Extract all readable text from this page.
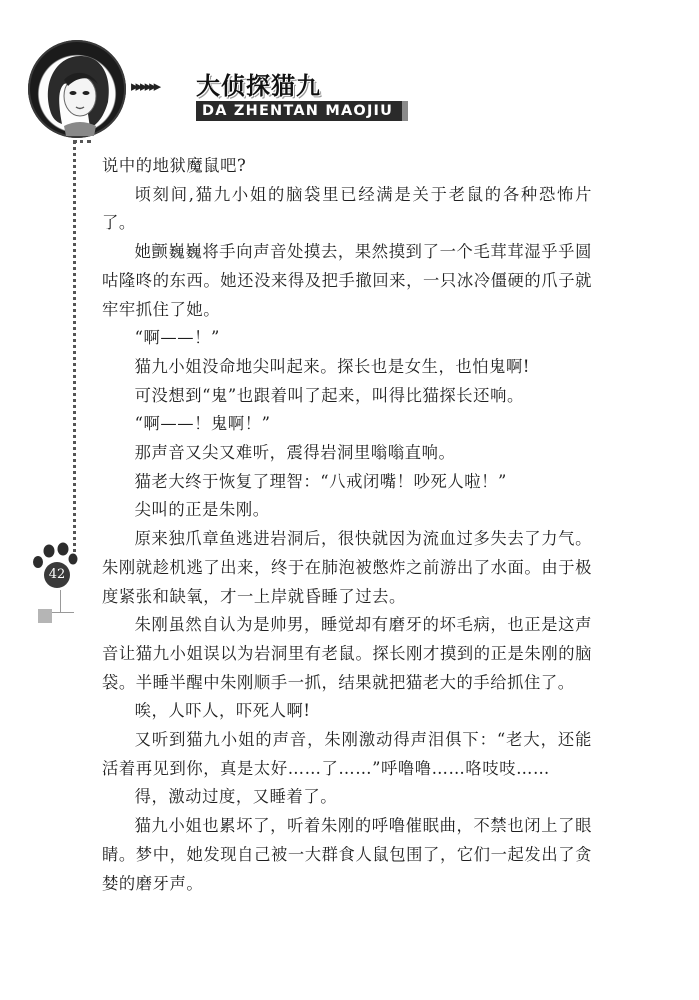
▸▸▸▸▸▸ 大侦探猫九
DA ZHENTAN MAOJIU
42

说中的地狱魔鼠吧?

顷刻间,猫九小姐的脑袋里已经满是关于老鼠的各种恐怖片了。

她颤巍巍将手向声音处摸去，果然摸到了一个毛茸茸湿乎乎圆咕隆咚的东西。她还没来得及把手撤回来，一只冰冷僵硬的爪子就牢牢抓住了她。

“啊——！”

猫九小姐没命地尖叫起来。探长也是女生，也怕鬼啊!

可没想到“鬼”也跟着叫了起来，叫得比猫探长还响。

“啊——！鬼啊！”

那声音又尖又难听，震得岩洞里嗡嗡直响。

猫老大终于恢复了理智：“八戒闭嘴！吵死人啦！”

尖叫的正是朱刚。

原来独爪章鱼逃进岩洞后，很快就因为流血过多失去了力气。朱刚就趁机逃了出来，终于在肺泡被憋炸之前游出了水面。由于极度紧张和缺氧，才一上岸就昏睡了过去。

朱刚虽然自认为是帅男，睡觉却有磨牙的坏毛病，也正是这声音让猫九小姐误以为岩洞里有老鼠。探长刚才摸到的正是朱刚的脑袋。半睡半醒中朱刚顺手一抓，结果就把猫老大的手给抓住了。

唉，人吓人，吓死人啊!

又听到猫九小姐的声音，朱刚激动得声泪俱下：“老大，还能活着再见到你，真是太好……了……”呼噜噜……咯吱吱……

得，激动过度，又睡着了。

猫九小姐也累坏了，听着朱刚的呼噜催眠曲，不禁也闭上了眼睛。梦中，她发现自己被一大群食人鼠包围了，它们一起发出了贪婪的磨牙声。
